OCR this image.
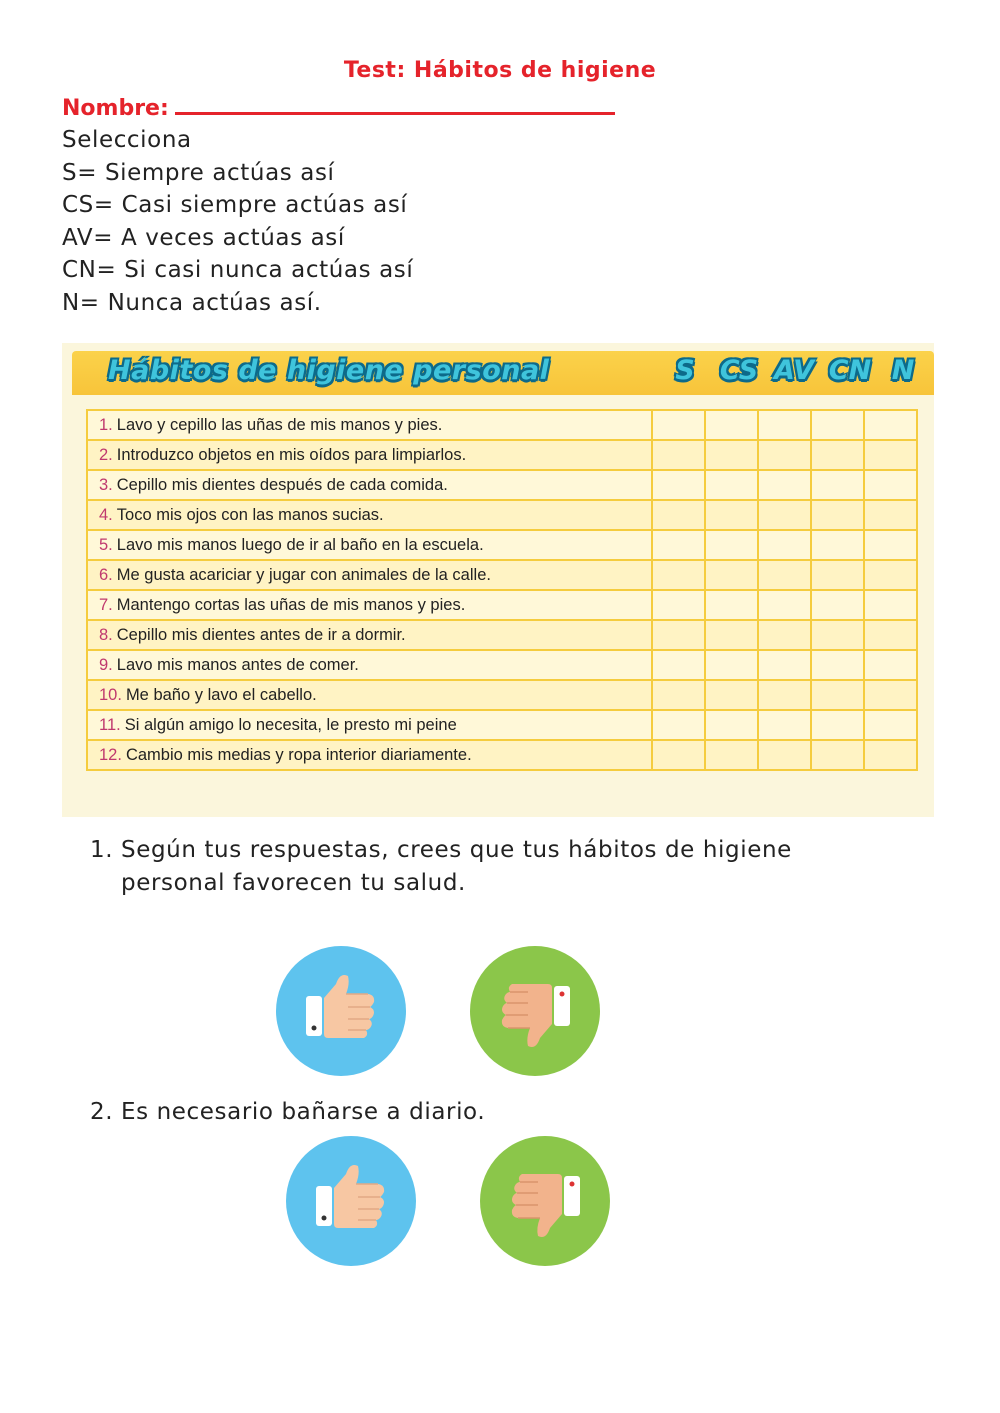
Test: Hábitos de higiene
Nombre:
Selecciona
S= Siempre actúas así
CS= Casi siempre actúas así
AV= A veces actúas así
CN= Si casi nunca actúas así
N= Nunca actúas así.
Hábitos de higiene personal	S CS AV CN N
1. Lavo y cepillo las uñas de mis manos y pies.					
2. Introduzco objetos en mis oídos para limpiarlos.					
3. Cepillo mis dientes después de cada comida.					
4. Toco mis ojos con las manos sucias.					
5. Lavo mis manos luego de ir al baño en la escuela.					
6. Me gusta acariciar y jugar con animales de la calle.					
7. Mantengo cortas las uñas de mis manos y pies.					
8. Cepillo mis dientes antes de ir a dormir.					
9. Lavo mis manos antes de comer.					
10. Me baño y lavo el cabello.					
11. Si algún amigo lo necesita, le presto mi peine					
12. Cambio mis medias y ropa interior diariamente.					
1. Según tus respuestas, crees que tus hábitos de higiene
personal favorecen tu salud.
2. Es necesario bañarse a diario.
